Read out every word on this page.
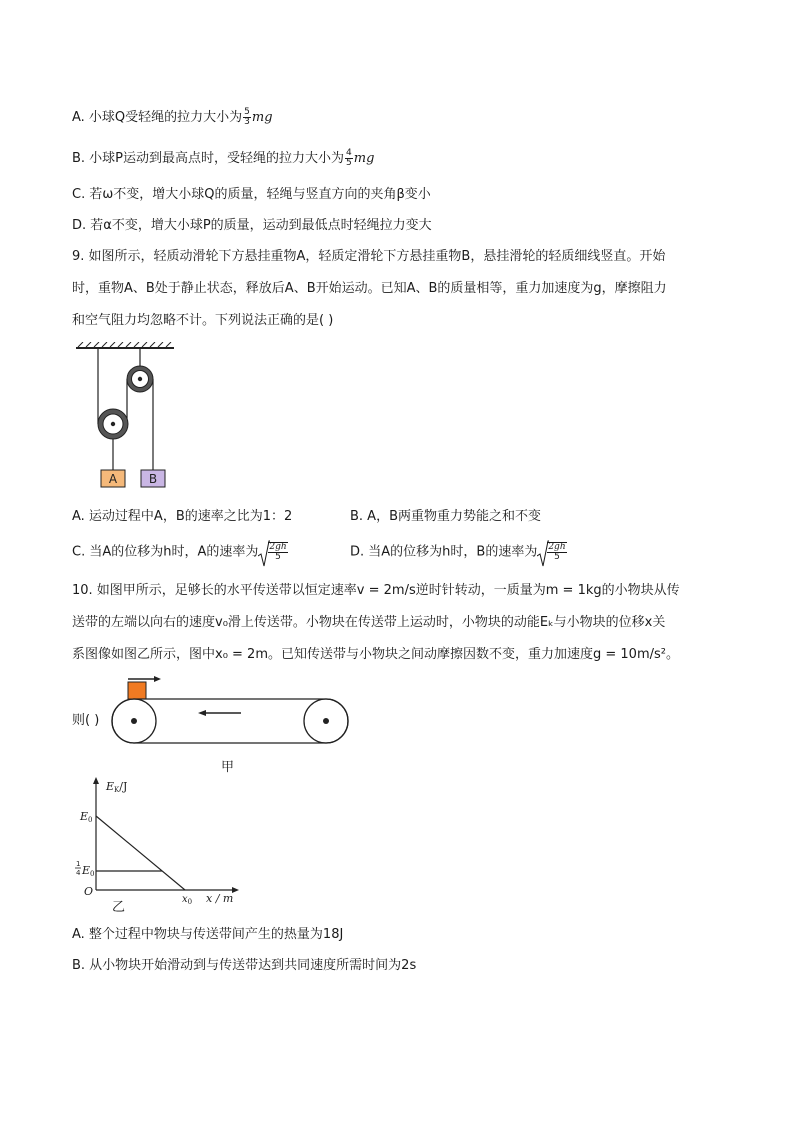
A. 小球Q受轻绳的拉力大小为 $\frac{5}{3}$ mg
B. 小球P运动到最高点时，受轻绳的拉力大小为 $\frac{4}{5}$ mg
C. 若ω不变，增大小球Q的质量，轻绳与竖直方向的夹角β变小
D. 若α不变，增大小球P的质量，运动到最低点时轻绳拉力变大
9. 如图所示，轻质动滑轮下方悬挂重物A，轻质定滑轮下方悬挂重物B，悬挂滑轮的轻质细线竖直。开始
时，重物A、B处于静止状态，释放后A、B开始运动。已知A、B的质量相等，重力加速度为g，摩擦阻力
和空气阻力均忽略不计。下列说法正确的是( )
A	B
A. 运动过程中A，B的速率之比为1：2	B. A，B两重物重力势能之和不变
C. 当A的位移为h时，A的速率为 $\frac{2gh}{5}$	D. 当A的位移为h时，B的速率为 $\frac{2gh}{5}$
10. 如图甲所示，足够长的水平传送带以恒定速率v = 2m/s逆时针转动，一质量为m = 1kg的小物块从传
送带的左端以向右的速度v₀滑上传送带。小物块在传送带上运动时，小物块的动能Eₖ与小物块的位移x关
系图像如图乙所示，图中x₀ = 2m。已知传送带与小物块之间动摩擦因数不变，重力加速度g = 10m/s²。
则( )
甲
EK/J
E0
1
4 E0
O
$x_0$ x / m
乙
A. 整个过程中物块与传送带间产生的热量为18J
B. 从小物块开始滑动到与传送带达到共同速度所需时间为2s
